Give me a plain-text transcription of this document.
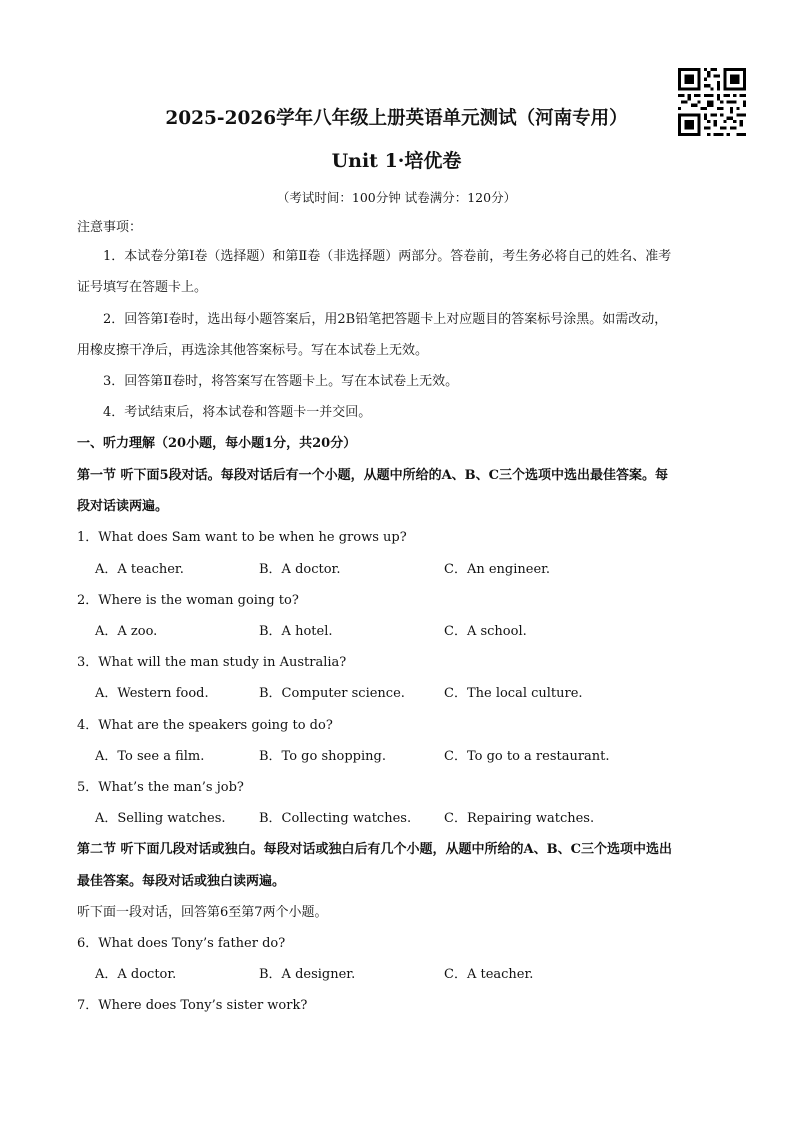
2025-2026学年八年级上册英语单元测试（河南专用）
Unit 1·培优卷
（考试时间：100分钟 试卷满分：120分）
注意事项：
1．本试卷分第Ⅰ卷（选择题）和第Ⅱ卷（非选择题）两部分。答卷前，考生务必将自己的姓名、准考
证号填写在答题卡上。
2．回答第Ⅰ卷时，选出每小题答案后，用2B铅笔把答题卡上对应题目的答案标号涂黑。如需改动，
用橡皮擦干净后，再选涂其他答案标号。写在本试卷上无效。
3．回答第Ⅱ卷时，将答案写在答题卡上。写在本试卷上无效。
4．考试结束后，将本试卷和答题卡一并交回。
一、听力理解（20小题，每小题1分，共20分）
第一节 听下面5段对话。每段对话后有一个小题，从题中所给的A、B、C三个选项中选出最佳答案。每
段对话读两遍。
1．What does Sam want to be when he grows up?
A．A teacher.	B．A doctor.	C．An engineer.
2．Where is the woman going to?
A．A zoo.	B．A hotel.	C．A school.
3．What will the man study in Australia?
A．Western food.	B．Computer science.	C．The local culture.
4．What are the speakers going to do?
A．To see a film.	B．To go shopping.	C．To go to a restaurant.
5．What’s the man’s job?
A．Selling watches.	B．Collecting watches.	C．Repairing watches.
第二节 听下面几段对话或独白。每段对话或独白后有几个小题，从题中所给的A、B、C三个选项中选出
最佳答案。每段对话或独白读两遍。
听下面一段对话，回答第6至第7两个小题。
6．What does Tony’s father do?
A．A doctor.	B．A designer.	C．A teacher.
7．Where does Tony’s sister work?
